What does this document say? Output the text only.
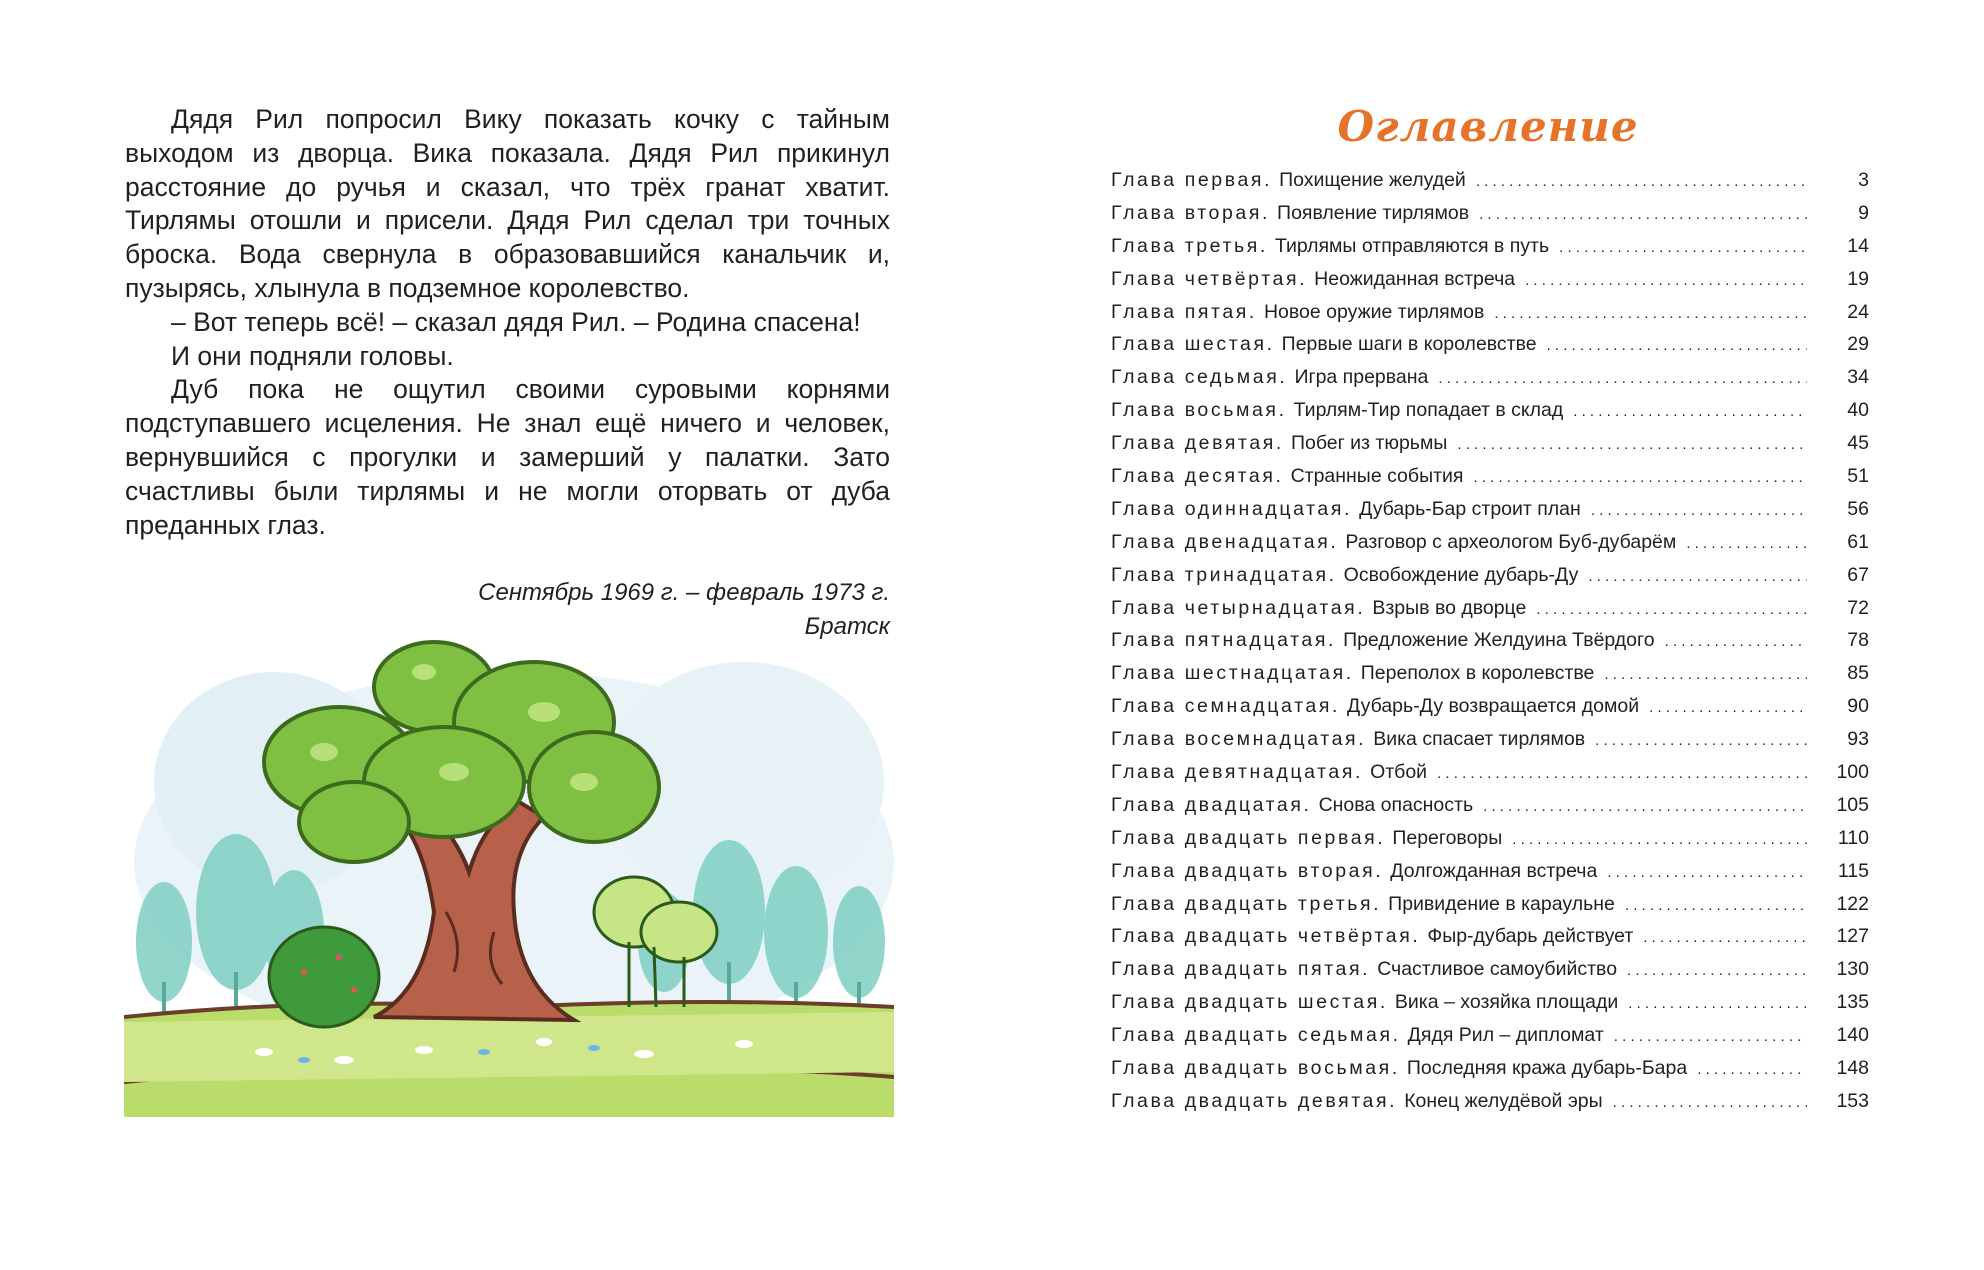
Дядя Рил попросил Вику показать кочку с тайным выходом из дворца. Вика показала. Дядя Рил прикинул расстояние до ручья и сказал, что трёх гранат хватит. Тирлямы отошли и присели. Дядя Рил сделал три точных броска. Вода свернула в образовавшийся канальчик и, пузырясь, хлынула в подземное королевство.

– Вот теперь всё! – сказал дядя Рил. – Родина спасена!

И они подняли головы.

Дуб пока не ощутил своими суровыми корнями подступавшего исцеления. Не знал ещё ничего и человек, вернувшийся с прогулки и замерший у палатки. Зато счастливы были тирлямы и не могли оторвать от дуба преданных глаз.

Сентябрь 1969 г. – февраль 1973 г.
Братск
Оглавление
Глава первая. Похищение желудей . . .	3
Глава вторая. Появление тирлямов . . .	9
Глава третья. Тирлямы отправляются в путь . . .	14
Глава четвёртая. Неожиданная встреча . . .	19
Глава пятая. Новое оружие тирлямов . . .	24
Глава шестая. Первые шаги в королевстве . . .	29
Глава седьмая. Игра прервана . . .	34
Глава восьмая. Тирлям-Тир попадает в склад . . .	40
Глава девятая. Побег из тюрьмы . . .	45
Глава десятая. Странные события . . .	51
Глава одиннадцатая. Дубарь-Бар строит план . . .	56
Глава двенадцатая. Разговор с археологом Буб-дубарём . . .	61
Глава тринадцатая. Освобождение дубарь-Ду . . .	67
Глава четырнадцатая. Взрыв во дворце . . .	72
Глава пятнадцатая. Предложение Желдуина Твёрдого . . .	78
Глава шестнадцатая. Переполох в королевстве . . .	85
Глава семнадцатая. Дубарь-Ду возвращается домой . . .	90
Глава восемнадцатая. Вика спасает тирлямов . . .	93
Глава девятнадцатая. Отбой . . .	100
Глава двадцатая. Снова опасность . . .	105
Глава двадцать первая. Переговоры . . .	110
Глава двадцать вторая. Долгожданная встреча . . .	115
Глава двадцать третья. Привидение в караульне . . .	122
Глава двадцать четвёртая. Фыр-дубарь действует . . .	127
Глава двадцать пятая. Счастливое самоубийство . . .	130
Глава двадцать шестая. Вика – хозяйка площади . . .	135
Глава двадцать седьмая. Дядя Рил – дипломат . . .	140
Глава двадцать восьмая. Последняя кража дубарь-Бара . . .	148
Глава двадцать девятая. Конец желудёвой эры . . .	153
